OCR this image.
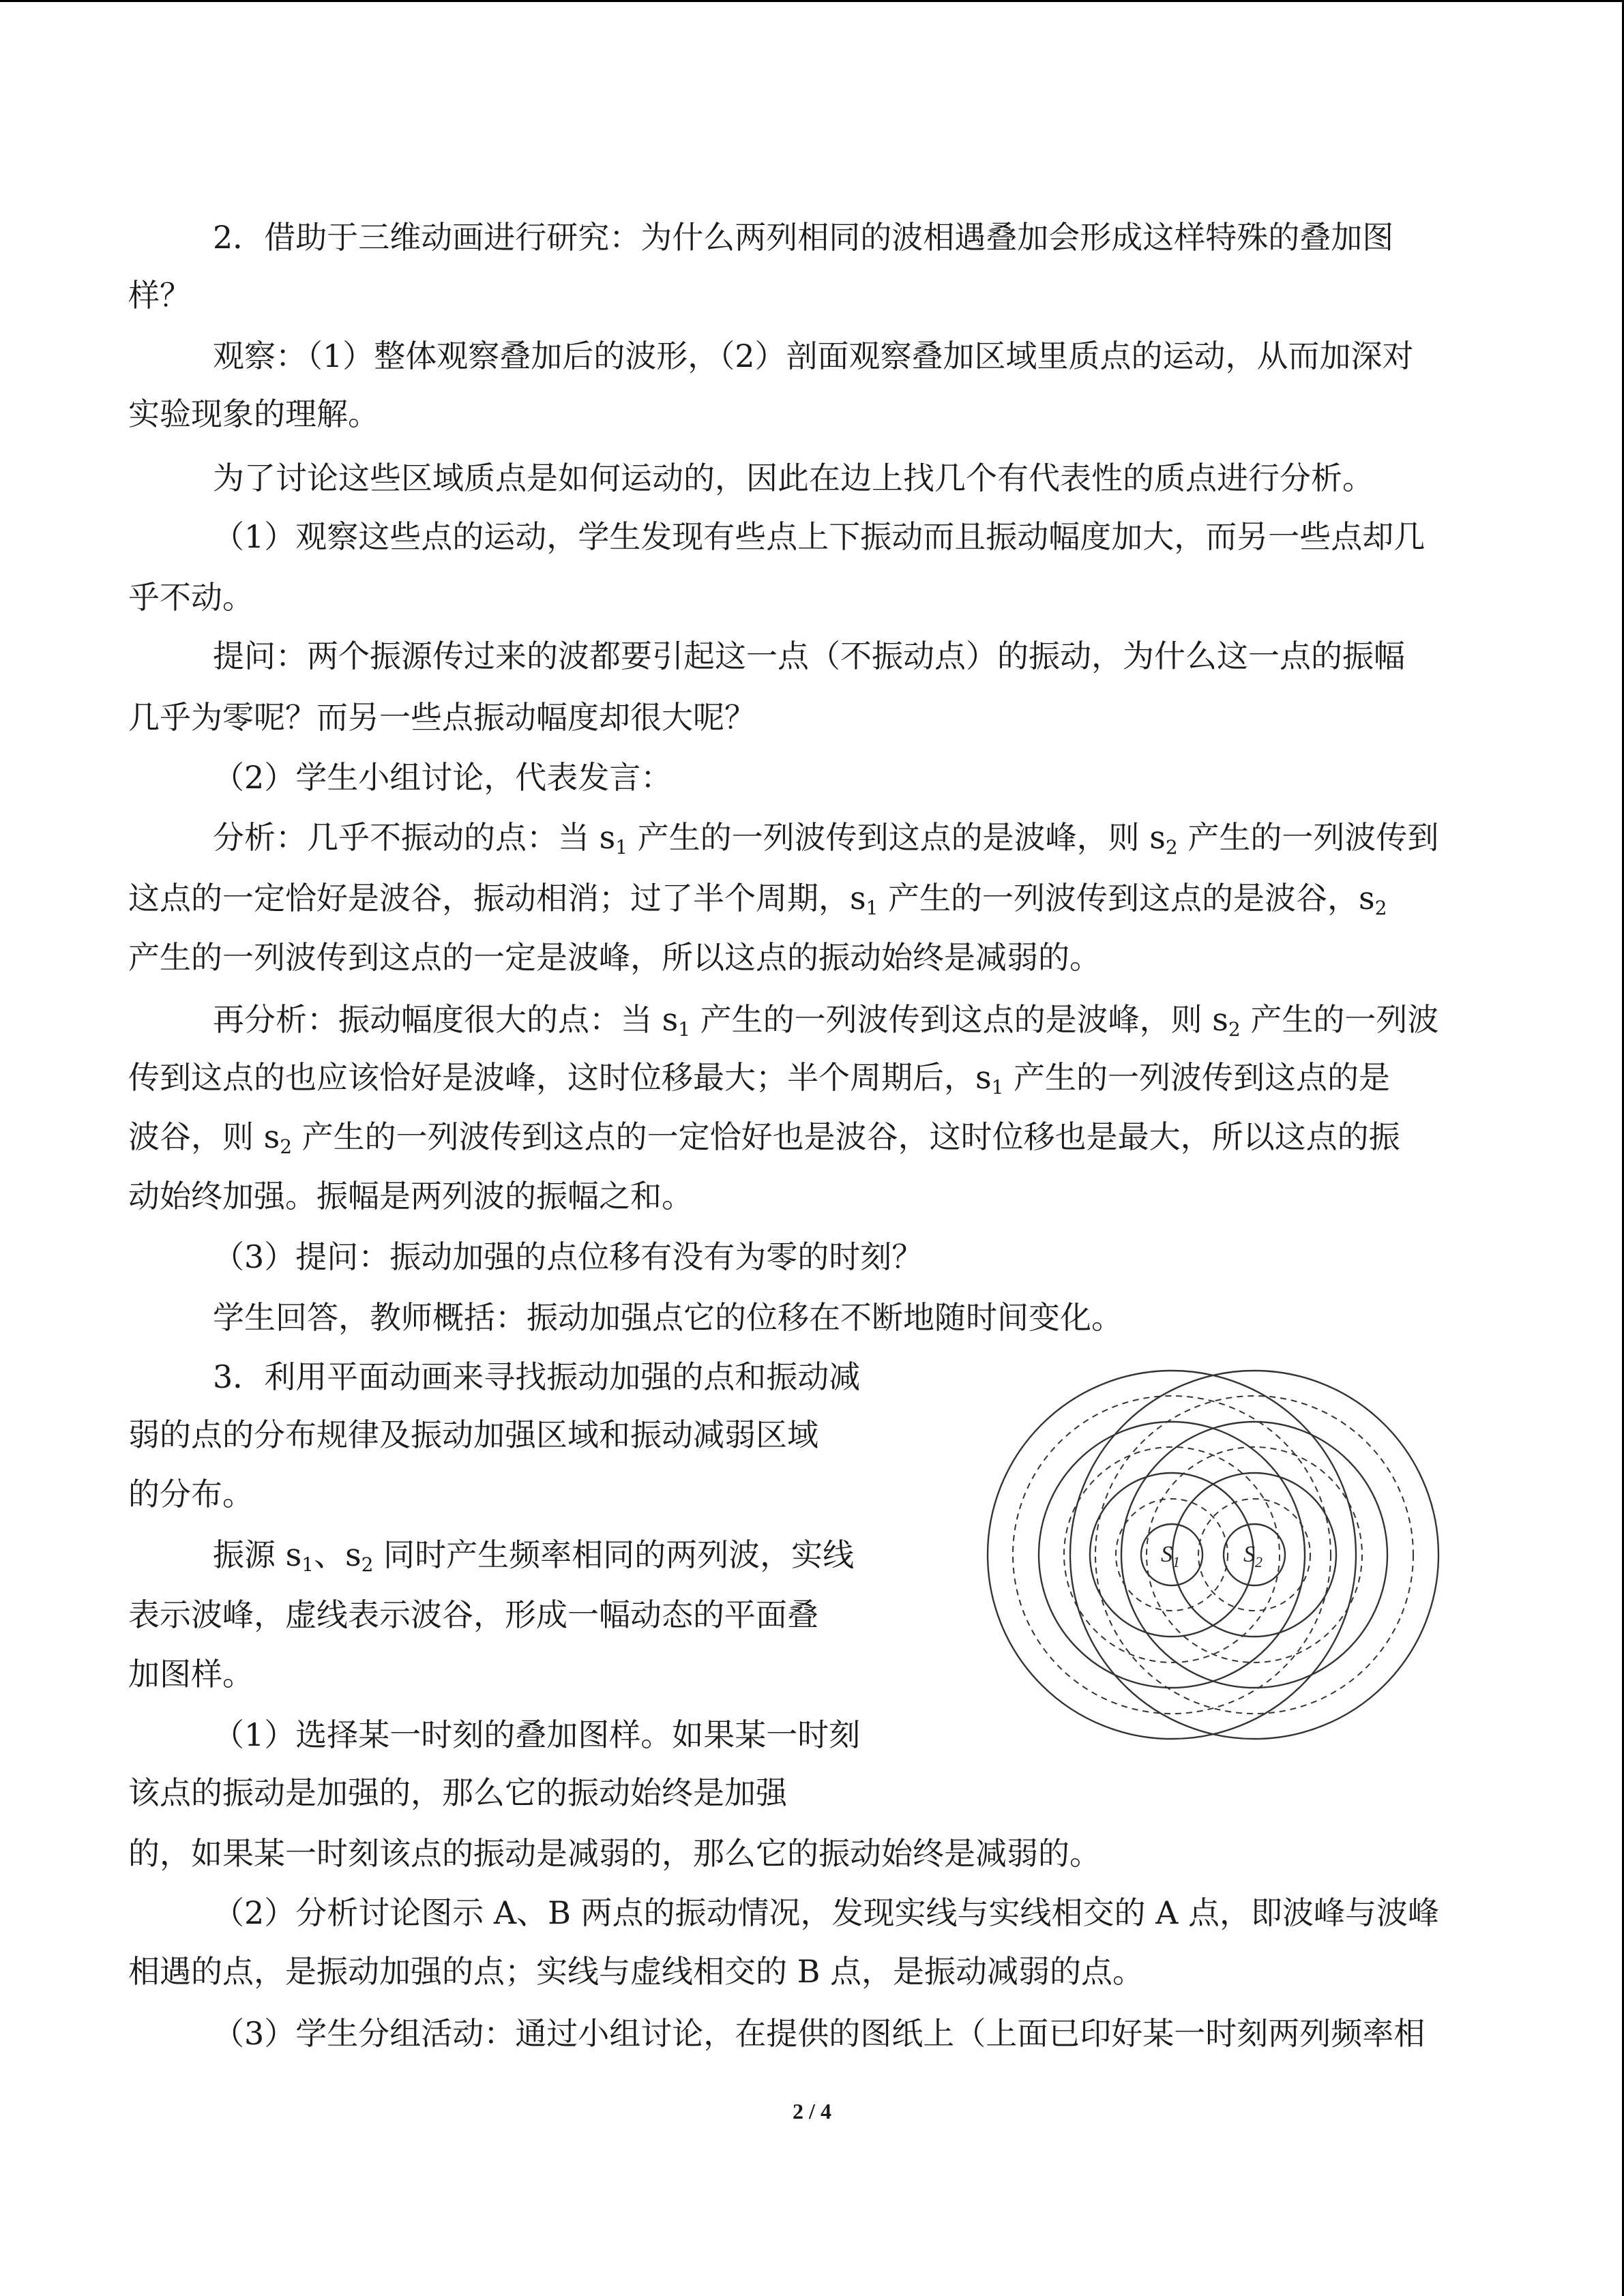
2．借助于三维动画进行研究：为什么两列相同的波相遇叠加会形成这样特殊的叠加图
样？
观察：（1）整体观察叠加后的波形，（2）剖面观察叠加区域里质点的运动，从而加深对
实验现象的理解。
为了讨论这些区域质点是如何运动的，因此在边上找几个有代表性的质点进行分析。
（1）观察这些点的运动，学生发现有些点上下振动而且振动幅度加大，而另一些点却几
乎不动。
提问：两个振源传过来的波都要引起这一点（不振动点）的振动，为什么这一点的振幅
几乎为零呢？而另一些点振动幅度却很大呢？
（2）学生小组讨论，代表发言：
分析：几乎不振动的点：当 $s_1$ 产生的一列波传到这点的是波峰，则 $s_2$ 产生的一列波传到
这点的一定恰好是波谷，振动相消；过了半个周期，$s_1$ 产生的一列波传到这点的是波谷，$s_2$
产生的一列波传到这点的一定是波峰，所以这点的振动始终是减弱的。
再分析：振动幅度很大的点：当 $s_1$ 产生的一列波传到这点的是波峰，则 $s_2$ 产生的一列波
传到这点的也应该恰好是波峰，这时位移最大；半个周期后，$s_1$ 产生的一列波传到这点的是
波谷，则 $s_2$ 产生的一列波传到这点的一定恰好也是波谷，这时位移也是最大，所以这点的振
动始终加强。振幅是两列波的振幅之和。
（3）提问：振动加强的点位移有没有为零的时刻？
学生回答，教师概括：振动加强点它的位移在不断地随时间变化。
3．利用平面动画来寻找振动加强的点和振动减
弱的点的分布规律及振动加强区域和振动减弱区域
的分布。
振源 $s_1$、$s_2$ 同时产生频率相同的两列波，实线
表示波峰，虚线表示波谷，形成一幅动态的平面叠
加图样。
（1）选择某一时刻的叠加图样。如果某一时刻
该点的振动是加强的，那么它的振动始终是加强
的，如果某一时刻该点的振动是减弱的，那么它的振动始终是减弱的。
（2）分析讨论图示 A、B 两点的振动情况，发现实线与实线相交的 A 点，即波峰与波峰
相遇的点，是振动加强的点；实线与虚线相交的 B 点，是振动减弱的点。
（3）学生分组活动：通过小组讨论，在提供的图纸上（上面已印好某一时刻两列频率相
$S_1$	$S_2$
2 / 4
